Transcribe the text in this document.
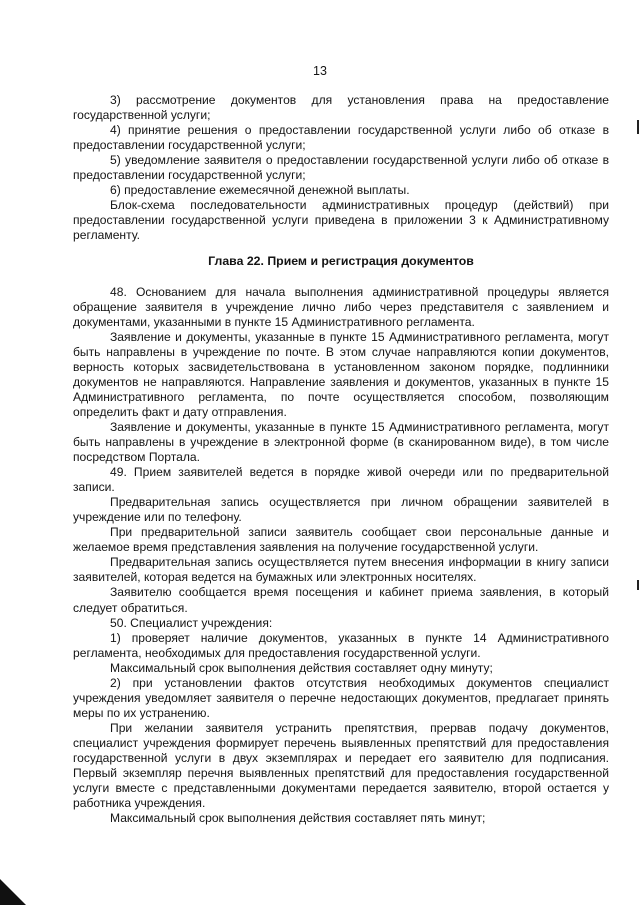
13

3) рассмотрение документов для установления права на предоставление государственной услуги;

4) принятие решения о предоставлении государственной услуги либо об отказе в предоставлении государственной услуги;

5) уведомление заявителя о предоставлении государственной услуги либо об отказе в предоставлении государственной услуги;

6) предоставление ежемесячной денежной выплаты.

Блок-схема последовательности административных процедур (действий) при предоставлении государственной услуги приведена в приложении 3 к Административному регламенту.

Глава 22. Прием и регистрация документов

48. Основанием для начала выполнения административной процедуры является обращение заявителя в учреждение лично либо через представителя с заявлением и документами, указанными в пункте 15 Административного регламента.

Заявление и документы, указанные в пункте 15 Административного регламента, могут быть направлены в учреждение по почте. В этом случае направляются копии документов, верность которых засвидетельствована в установленном законом порядке, подлинники документов не направляются. Направление заявления и документов, указанных в пункте 15 Административного регламента, по почте осуществляется способом, позволяющим определить факт и дату отправления.

Заявление и документы, указанные в пункте 15 Административного регламента, могут быть направлены в учреждение в электронной форме (в сканированном виде), в том числе посредством Портала.

49. Прием заявителей ведется в порядке живой очереди или по предварительной записи.

Предварительная запись осуществляется при личном обращении заявителей в учреждение или по телефону.

При предварительной записи заявитель сообщает свои персональные данные и желаемое время представления заявления на получение государственной услуги.

Предварительная запись осуществляется путем внесения информации в книгу записи заявителей, которая ведется на бумажных или электронных носителях.

Заявителю сообщается время посещения и кабинет приема заявления, в который следует обратиться.

50. Специалист учреждения:

1) проверяет наличие документов, указанных в пункте 14 Административного регламента, необходимых для предоставления государственной услуги.

Максимальный срок выполнения действия составляет одну минуту;

2) при установлении фактов отсутствия необходимых документов специалист учреждения уведомляет заявителя о перечне недостающих документов, предлагает принять меры по их устранению.

При желании заявителя устранить препятствия, прервав подачу документов, специалист учреждения формирует перечень выявленных препятствий для предоставления государственной услуги в двух экземплярах и передает его заявителю для подписания. Первый экземпляр перечня выявленных препятствий для предоставления государственной услуги вместе с представленными документами передается заявителю, второй остается у работника учреждения.

Максимальный срок выполнения действия составляет пять минут;
